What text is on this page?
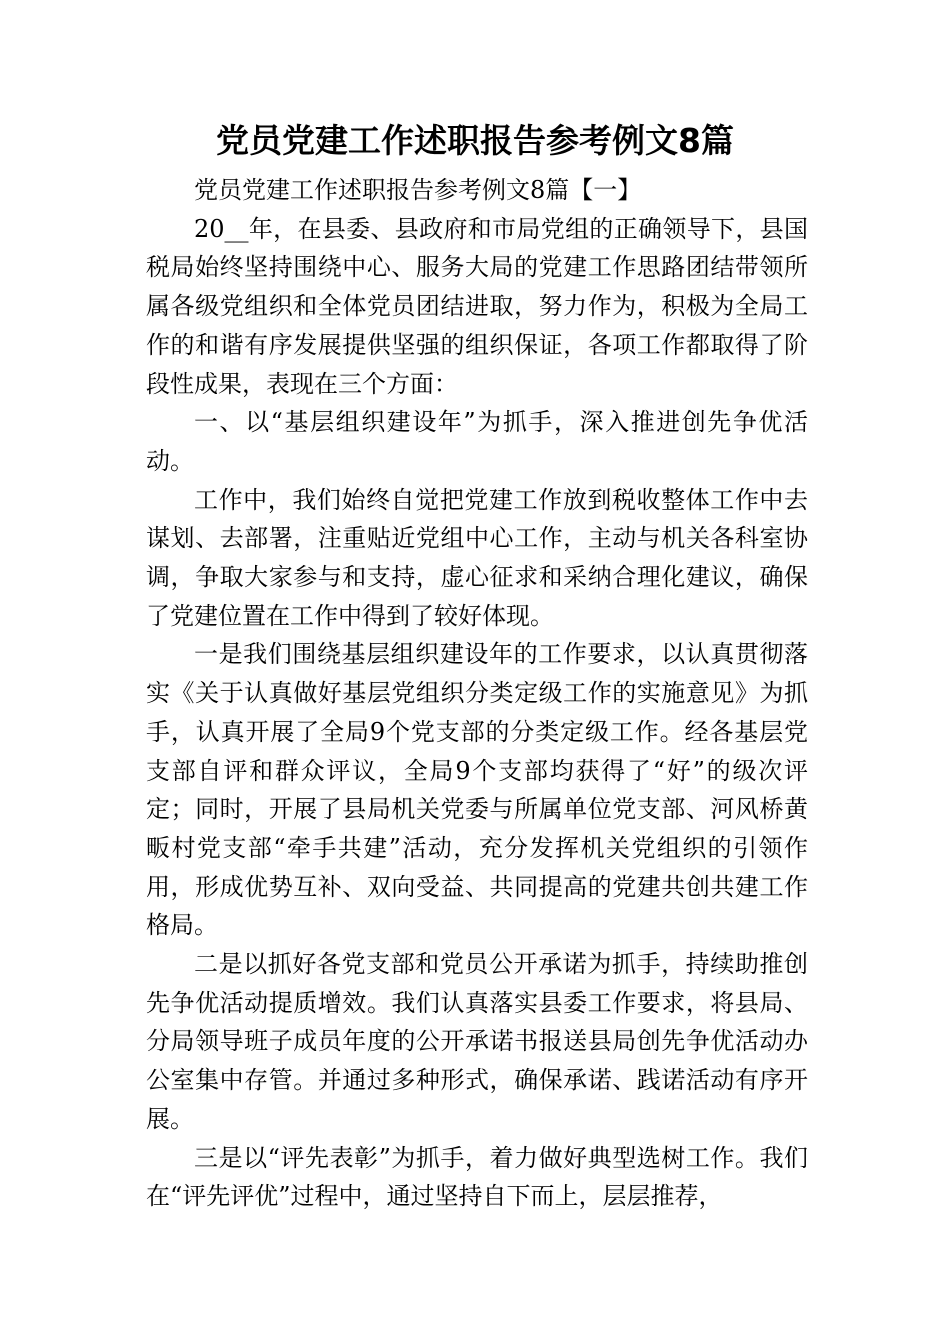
党员党建工作述职报告参考例文8篇

党员党建工作述职报告参考例文8篇【一】

20__年，在县委、县政府和市局党组的正确领导下，县国税局始终坚持围绕中心、服务大局的党建工作思路团结带领所属各级党组织和全体党员团结进取，努力作为，积极为全局工作的和谐有序发展提供坚强的组织保证，各项工作都取得了阶段性成果，表现在三个方面：

一、以“基层组织建设年”为抓手，深入推进创先争优活动。

工作中，我们始终自觉把党建工作放到税收整体工作中去谋划、去部署，注重贴近党组中心工作，主动与机关各科室协调，争取大家参与和支持，虚心征求和采纳合理化建议，确保了党建位置在工作中得到了较好体现。

一是我们围绕基层组织建设年的工作要求，以认真贯彻落实《关于认真做好基层党组织分类定级工作的实施意见》为抓手，认真开展了全局9个党支部的分类定级工作。经各基层党支部自评和群众评议，全局9个支部均获得了“好”的级次评定；同时，开展了县局机关党委与所属单位党支部、河风桥黄畈村党支部“牵手共建”活动，充分发挥机关党组织的引领作用，形成优势互补、双向受益、共同提高的党建共创共建工作格局。

二是以抓好各党支部和党员公开承诺为抓手，持续助推创先争优活动提质增效。我们认真落实县委工作要求，将县局、分局领导班子成员年度的公开承诺书报送县局创先争优活动办公室集中存管。并通过多种形式，确保承诺、践诺活动有序开展。

三是以“评先表彰”为抓手，着力做好典型选树工作。我们在“评先评优”过程中，通过坚持自下而上，层层推荐，
